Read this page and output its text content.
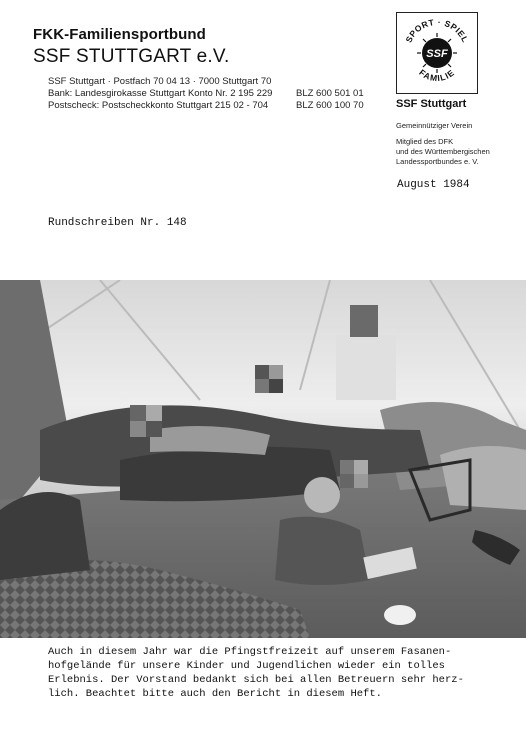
FKK-Familiensportbund
SSF STUTTGART e.V.
SSF Stuttgart · Postfach 70 04 13 · 7000 Stuttgart 70
Bank: Landesgirokasse Stuttgart Konto Nr. 2 195 229
Postscheck: Postscheckkonto Stuttgart 215 02 - 704
BLZ 600 501 01
BLZ 600 100 70
SSF
SPORT · SPIEL
FAMILIE
SSF Stuttgart
Gemeinnütziger Verein
Mitglied des DFK
und des Württembergischen
Landessportbundes e. V.
August 1984
Rundschreiben Nr. 148
Auch in diesem Jahr war die Pfingstfreizeit auf unserem Fasanen-
hofgelände für unsere Kinder und Jugendlichen wieder ein tolles
Erlebnis. Der Vorstand bedankt sich bei allen Betreuern sehr herz-
lich. Beachtet bitte auch den Bericht in diesem Heft.
